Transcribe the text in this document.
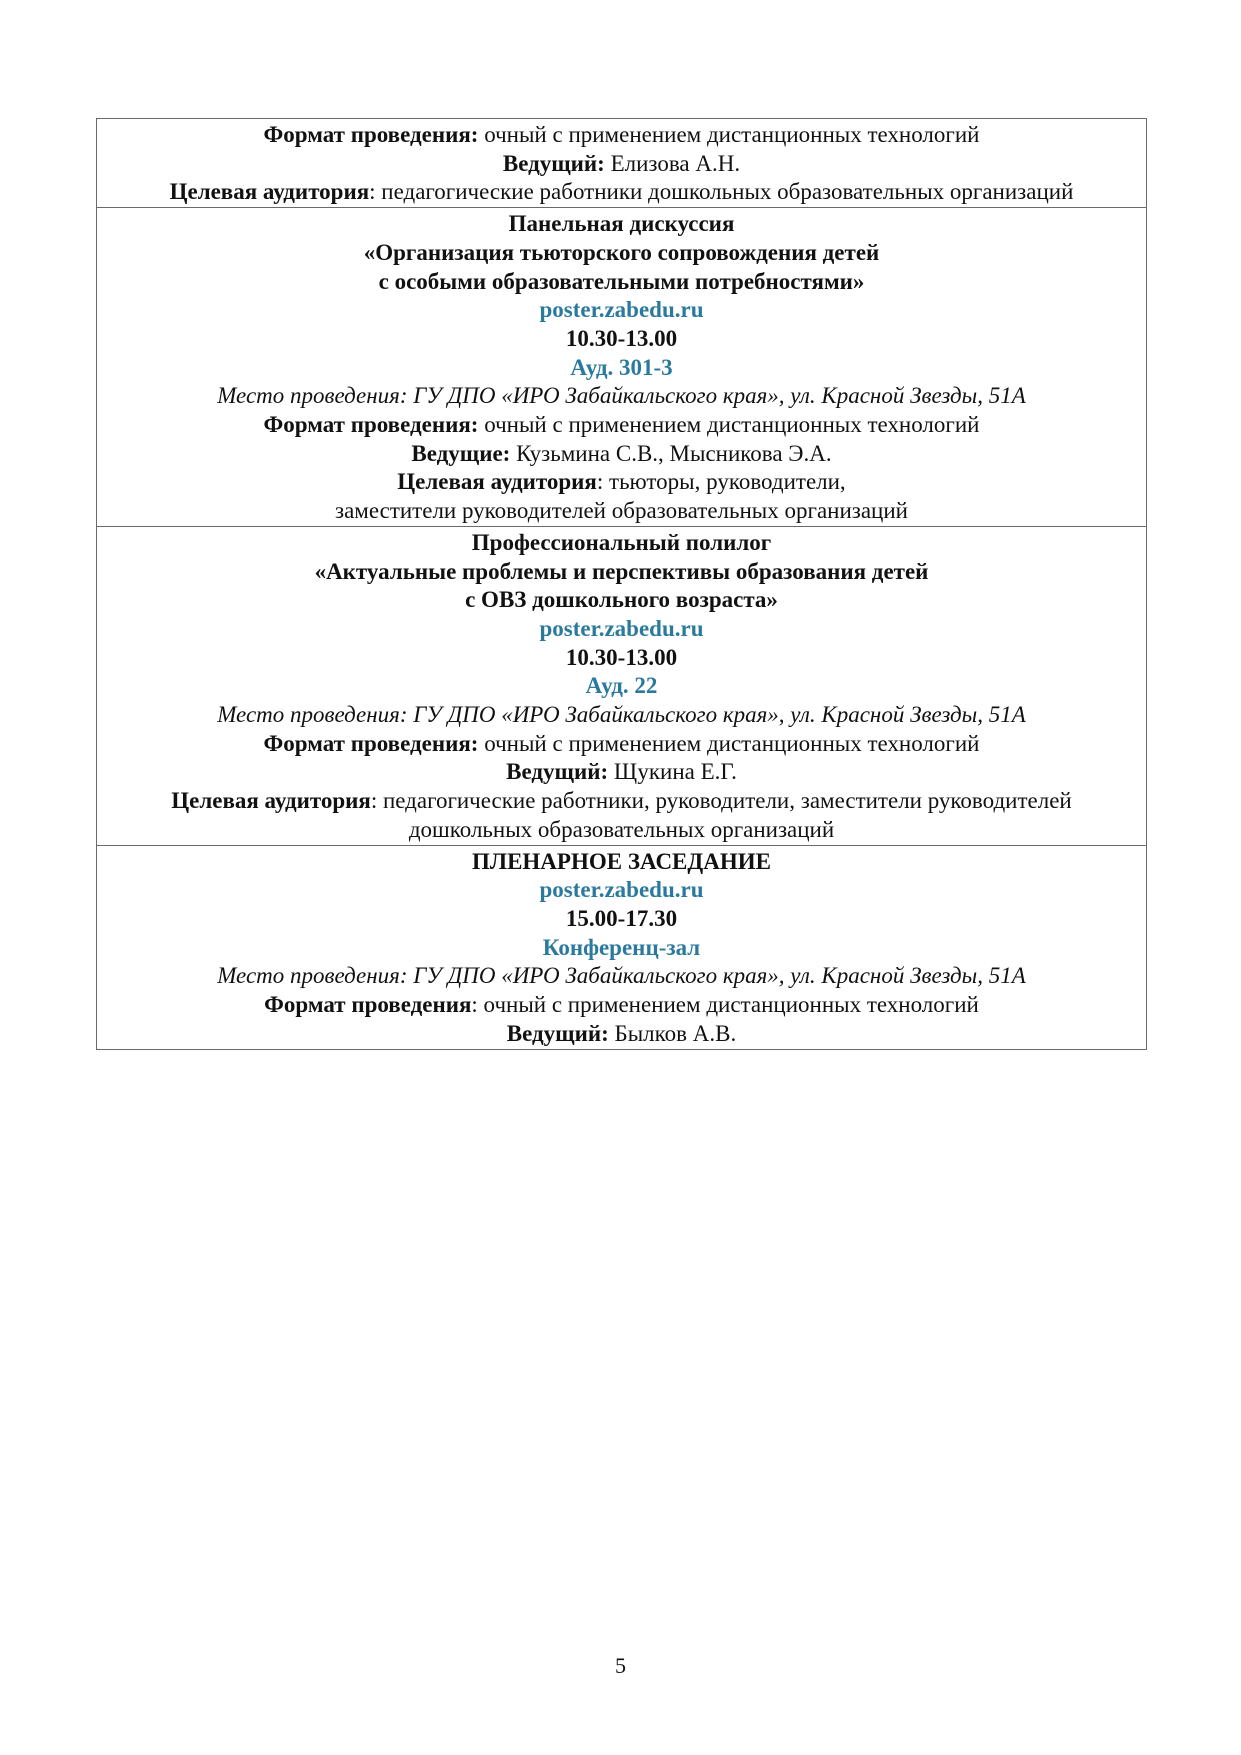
Формат проведения: очный с применением дистанционных технологий
Ведущий: Елизова А.Н.
Целевая аудитория: педагогические работники дошкольных образовательных организаций
Панельная дискуссия
«Организация тьюторского сопровождения детей
с особыми образовательными потребностями»
poster.zabedu.ru
10.30-13.00
Ауд. 301-3
Место проведения: ГУ ДПО «ИРО Забайкальского края», ул. Красной Звезды, 51А
Формат проведения: очный с применением дистанционных технологий
Ведущие: Кузьмина С.В., Мысникова Э.А.
Целевая аудитория: тьюторы, руководители,
заместители руководителей образовательных организаций
Профессиональный полилог
«Актуальные проблемы и перспективы образования детей
с ОВЗ дошкольного возраста»
poster.zabedu.ru
10.30-13.00
Ауд. 22
Место проведения: ГУ ДПО «ИРО Забайкальского края», ул. Красной Звезды, 51А
Формат проведения: очный с применением дистанционных технологий
Ведущий: Щукина Е.Г.
Целевая аудитория: педагогические работники, руководители, заместители руководителей
дошкольных образовательных организаций
ПЛЕНАРНОЕ ЗАСЕДАНИЕ
poster.zabedu.ru
15.00-17.30
Конференц-зал
Место проведения: ГУ ДПО «ИРО Забайкальского края», ул. Красной Звезды, 51А
Формат проведения: очный с применением дистанционных технологий
Ведущий: Былков А.В.
5
